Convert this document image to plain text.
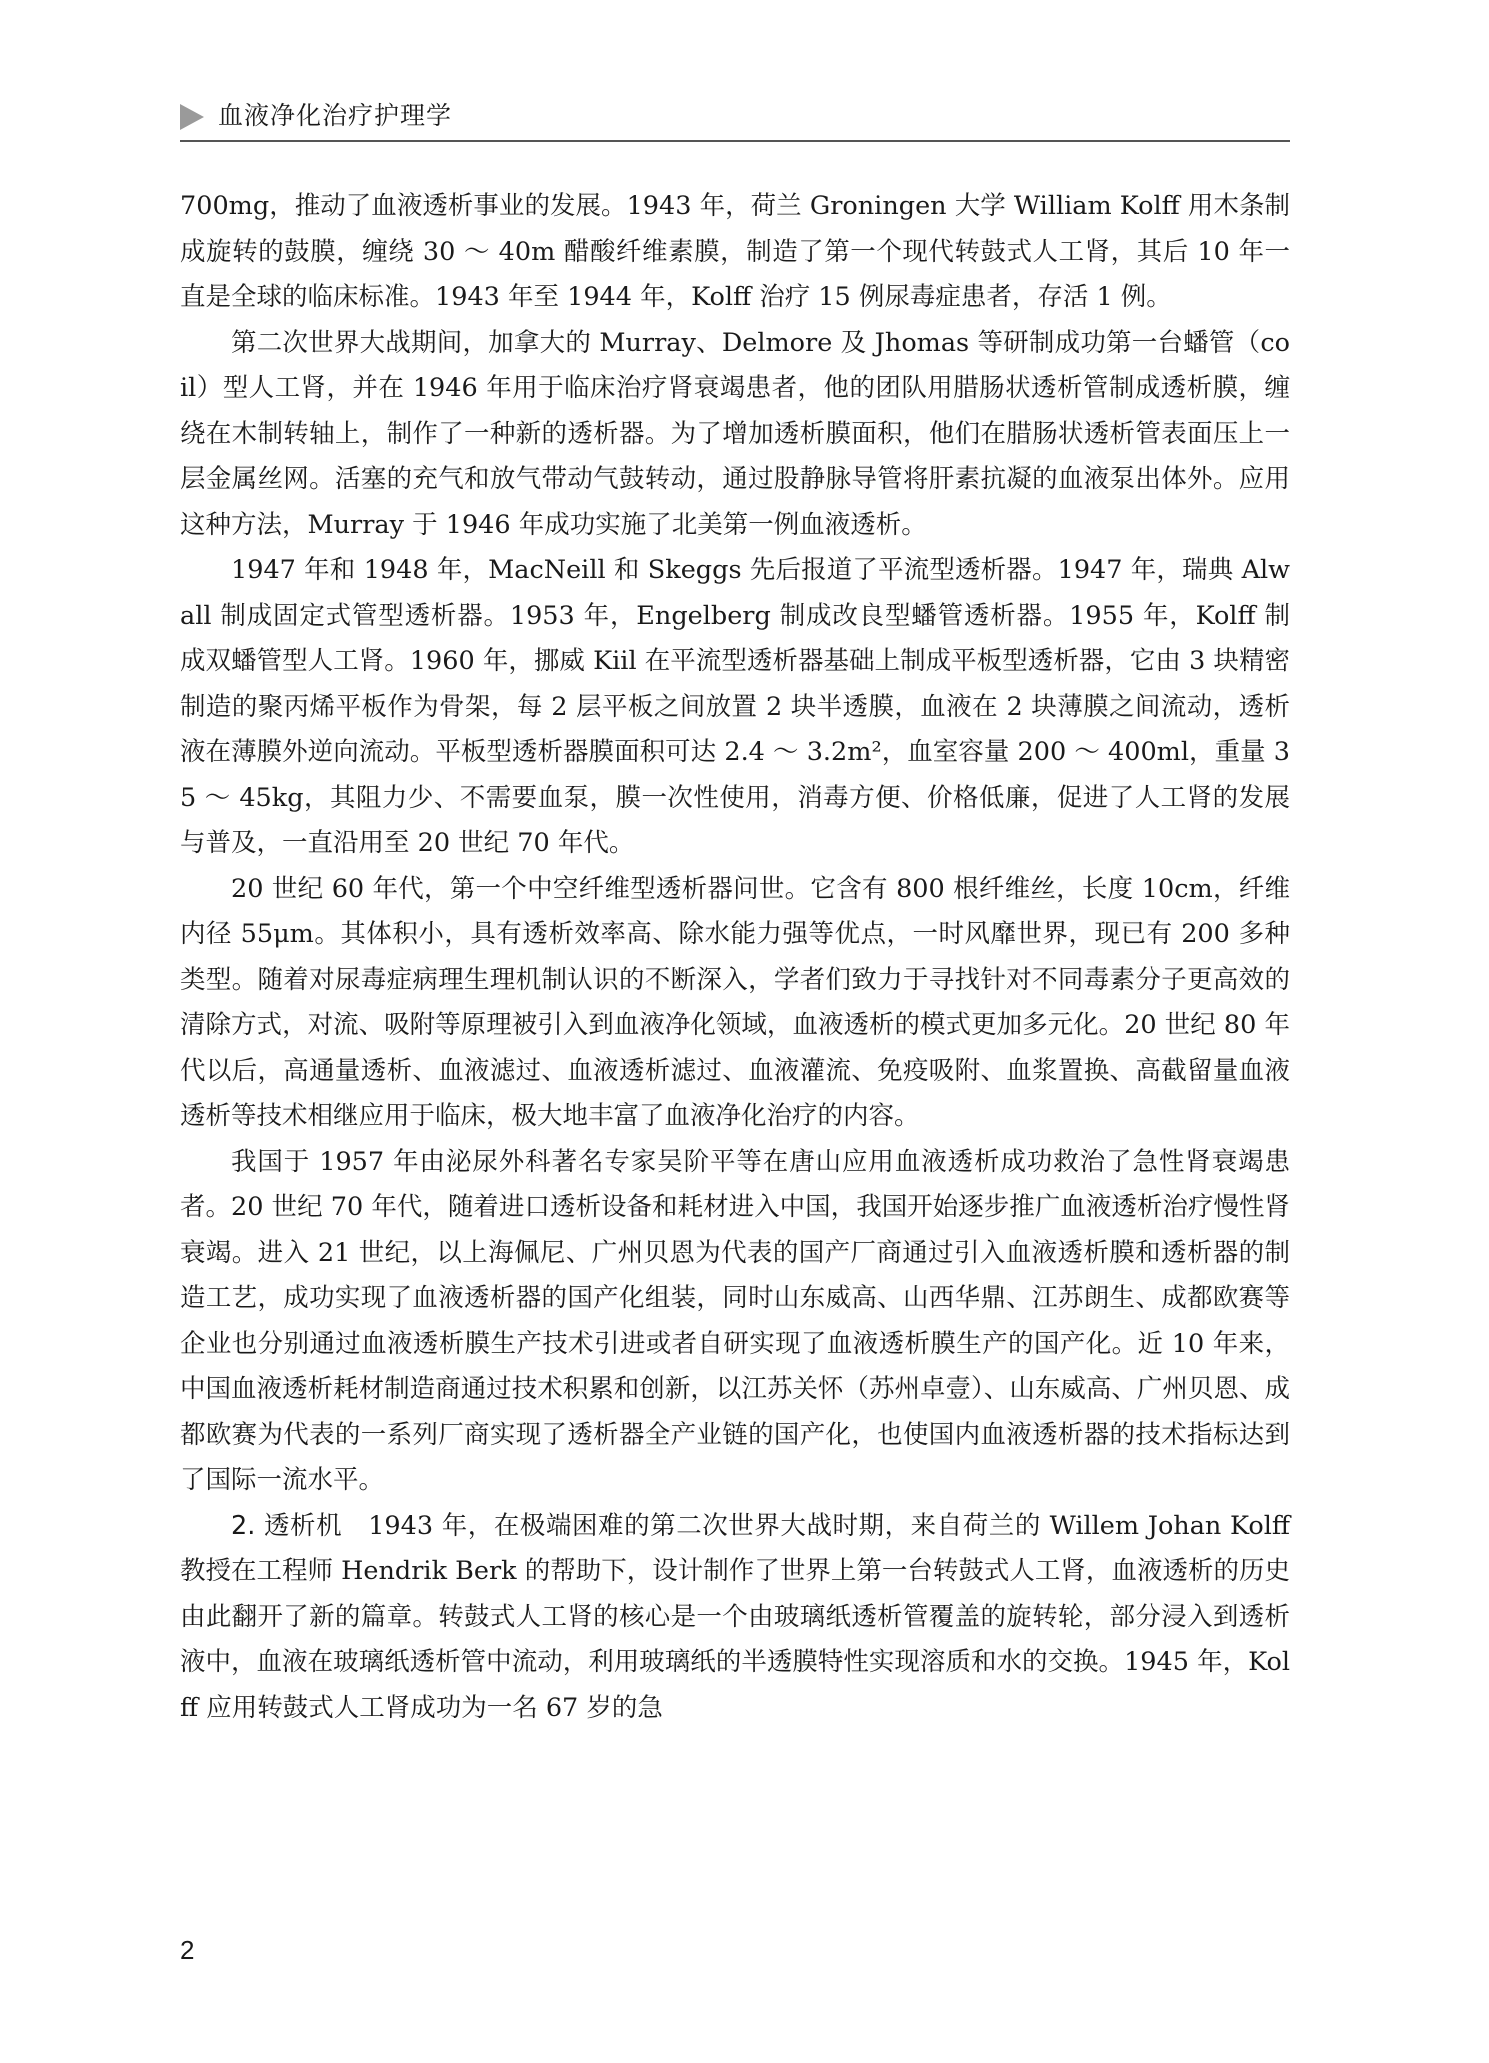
血液净化治疗护理学

700mg，推动了血液透析事业的发展。1943 年，荷兰 Groningen 大学 William Kolff 用木条制成旋转的鼓膜，缠绕 30 ～ 40m 醋酸纤维素膜，制造了第一个现代转鼓式人工肾，其后 10 年一直是全球的临床标准。1943 年至 1944 年，Kolff 治疗 15 例尿毒症患者，存活 1 例。

第二次世界大战期间，加拿大的 Murray、Delmore 及 Jhomas 等研制成功第一台蟠管（coil）型人工肾，并在 1946 年用于临床治疗肾衰竭患者，他的团队用腊肠状透析管制成透析膜，缠绕在木制转轴上，制作了一种新的透析器。为了增加透析膜面积，他们在腊肠状透析管表面压上一层金属丝网。活塞的充气和放气带动气鼓转动，通过股静脉导管将肝素抗凝的血液泵出体外。应用这种方法，Murray 于 1946 年成功实施了北美第一例血液透析。

1947 年和 1948 年，MacNeill 和 Skeggs 先后报道了平流型透析器。1947 年，瑞典 Alwall 制成固定式管型透析器。1953 年，Engelberg 制成改良型蟠管透析器。1955 年，Kolff 制成双蟠管型人工肾。1960 年，挪威 Kiil 在平流型透析器基础上制成平板型透析器，它由 3 块精密制造的聚丙烯平板作为骨架，每 2 层平板之间放置 2 块半透膜，血液在 2 块薄膜之间流动，透析液在薄膜外逆向流动。平板型透析器膜面积可达 2.4 ～ 3.2m²，血室容量 200 ～ 400ml，重量 35 ～ 45kg，其阻力少、不需要血泵，膜一次性使用，消毒方便、价格低廉，促进了人工肾的发展与普及，一直沿用至 20 世纪 70 年代。

20 世纪 60 年代，第一个中空纤维型透析器问世。它含有 800 根纤维丝，长度 10cm，纤维内径 55μm。其体积小，具有透析效率高、除水能力强等优点，一时风靡世界，现已有 200 多种类型。随着对尿毒症病理生理机制认识的不断深入，学者们致力于寻找针对不同毒素分子更高效的清除方式，对流、吸附等原理被引入到血液净化领域，血液透析的模式更加多元化。20 世纪 80 年代以后，高通量透析、血液滤过、血液透析滤过、血液灌流、免疫吸附、血浆置换、高截留量血液透析等技术相继应用于临床，极大地丰富了血液净化治疗的内容。

我国于 1957 年由泌尿外科著名专家吴阶平等在唐山应用血液透析成功救治了急性肾衰竭患者。20 世纪 70 年代，随着进口透析设备和耗材进入中国，我国开始逐步推广血液透析治疗慢性肾衰竭。进入 21 世纪，以上海佩尼、广州贝恩为代表的国产厂商通过引入血液透析膜和透析器的制造工艺，成功实现了血液透析器的国产化组装，同时山东威高、山西华鼎、江苏朗生、成都欧赛等企业也分别通过血液透析膜生产技术引进或者自研实现了血液透析膜生产的国产化。近 10 年来，中国血液透析耗材制造商通过技术积累和创新，以江苏关怀（苏州卓壹）、山东威高、广州贝恩、成都欧赛为代表的一系列厂商实现了透析器全产业链的国产化，也使国内血液透析器的技术指标达到了国际一流水平。

2. 透析机　 1943 年，在极端困难的第二次世界大战时期，来自荷兰的 Willem Johan Kolff 教授在工程师 Hendrik Berk 的帮助下，设计制作了世界上第一台转鼓式人工肾，血液透析的历史由此翻开了新的篇章。转鼓式人工肾的核心是一个由玻璃纸透析管覆盖的旋转轮，部分浸入到透析液中，血液在玻璃纸透析管中流动，利用玻璃纸的半透膜特性实现溶质和水的交换。1945 年，Kolff 应用转鼓式人工肾成功为一名 67 岁的急

2
